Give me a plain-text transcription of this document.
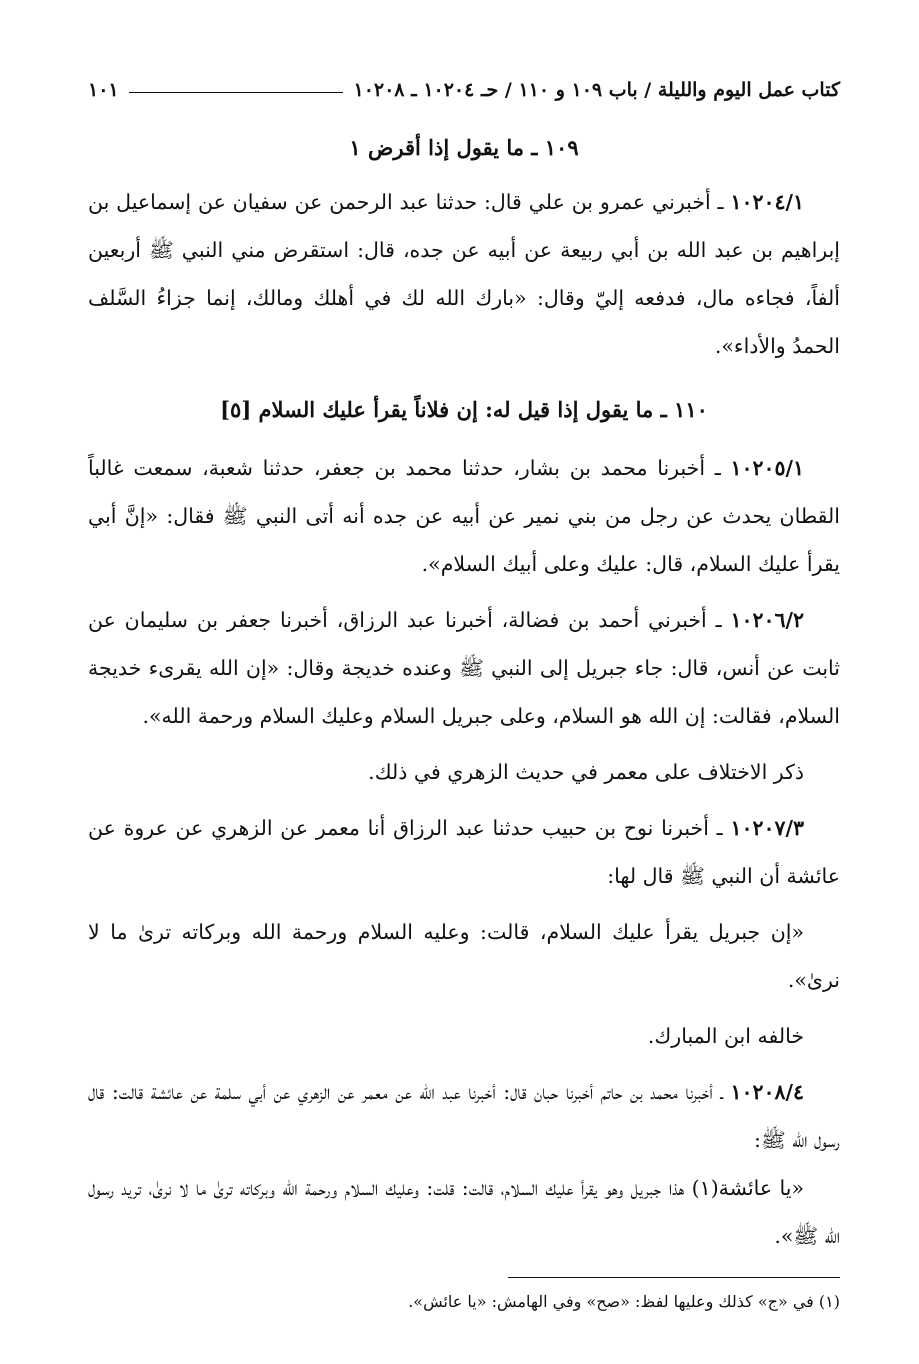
كتاب عمل اليوم والليلة / باب ١٠٩ و ١١٠ / حـ ١٠٢٠٤ ـ ١٠٢٠٨
١٠١
١٠٩ ـ ما يقول إذا أقرض ١

١٠٢٠٤/١ ـ أخبرني عمرو بن علي قال: حدثنا عبد الرحمن عن سفيان عن إسماعيل بن إبراهيم بن عبد الله بن أبي ربيعة عن أبيه عن جده، قال: استقرض مني النبي ﷺ أربعين ألفاً، فجاءه مال، فدفعه إليّ وقال: «بارك الله لك في أهلك ومالك، إنما جزاءُ السَّلف الحمدُ والأداء».

١١٠ ـ ما يقول إذا قيل له: إن فلاناً يقرأ عليك السلام [٥]

١٠٢٠٥/١ ـ أخبرنا محمد بن بشار، حدثنا محمد بن جعفر، حدثنا شعبة، سمعت غالباً القطان يحدث عن رجل من بني نمير عن أبيه عن جده أنه أتى النبي ﷺ فقال: «إنَّ أبي يقرأ عليك السلام، قال: عليك وعلى أبيك السلام».

١٠٢٠٦/٢ ـ أخبرني أحمد بن فضالة، أخبرنا عبد الرزاق، أخبرنا جعفر بن سليمان عن ثابت عن أنس، قال: جاء جبريل إلى النبي ﷺ وعنده خديجة وقال: «إن الله يقرىء خديجة السلام، فقالت: إن الله هو السلام، وعلى جبريل السلام وعليك السلام ورحمة الله».

ذكر الاختلاف على معمر في حديث الزهري في ذلك.

١٠٢٠٧/٣ ـ أخبرنا نوح بن حبيب حدثنا عبد الرزاق أنا معمر عن الزهري عن عروة عن عائشة أن النبي ﷺ قال لها:

«إن جبريل يقرأ عليك السلام، قالت: وعليه السلام ورحمة الله وبركاته ترىٰ ما لا نرىٰ».

خالفه ابن المبارك.

١٠٢٠٨/٤ ـ أخبرنا محمد بن حاتم أخبرنا حبان قال: أخبرنا عبد الله عن معمر عن الزهري عن أبي سلمة عن عائشة قالت: قال رسول الله ﷺ:

«يا عائشة(١) هذا جبريل وهو يقرأ عليك السلام، قالت: قلت: وعليك السلام ورحمة الله وبركاته ترىٰ ما لا نرىٰ، تريد رسول الله ﷺ».

(١) في «ج» كذلك وعليها لفظ: «صح» وفي الهامش: «يا عائش».
